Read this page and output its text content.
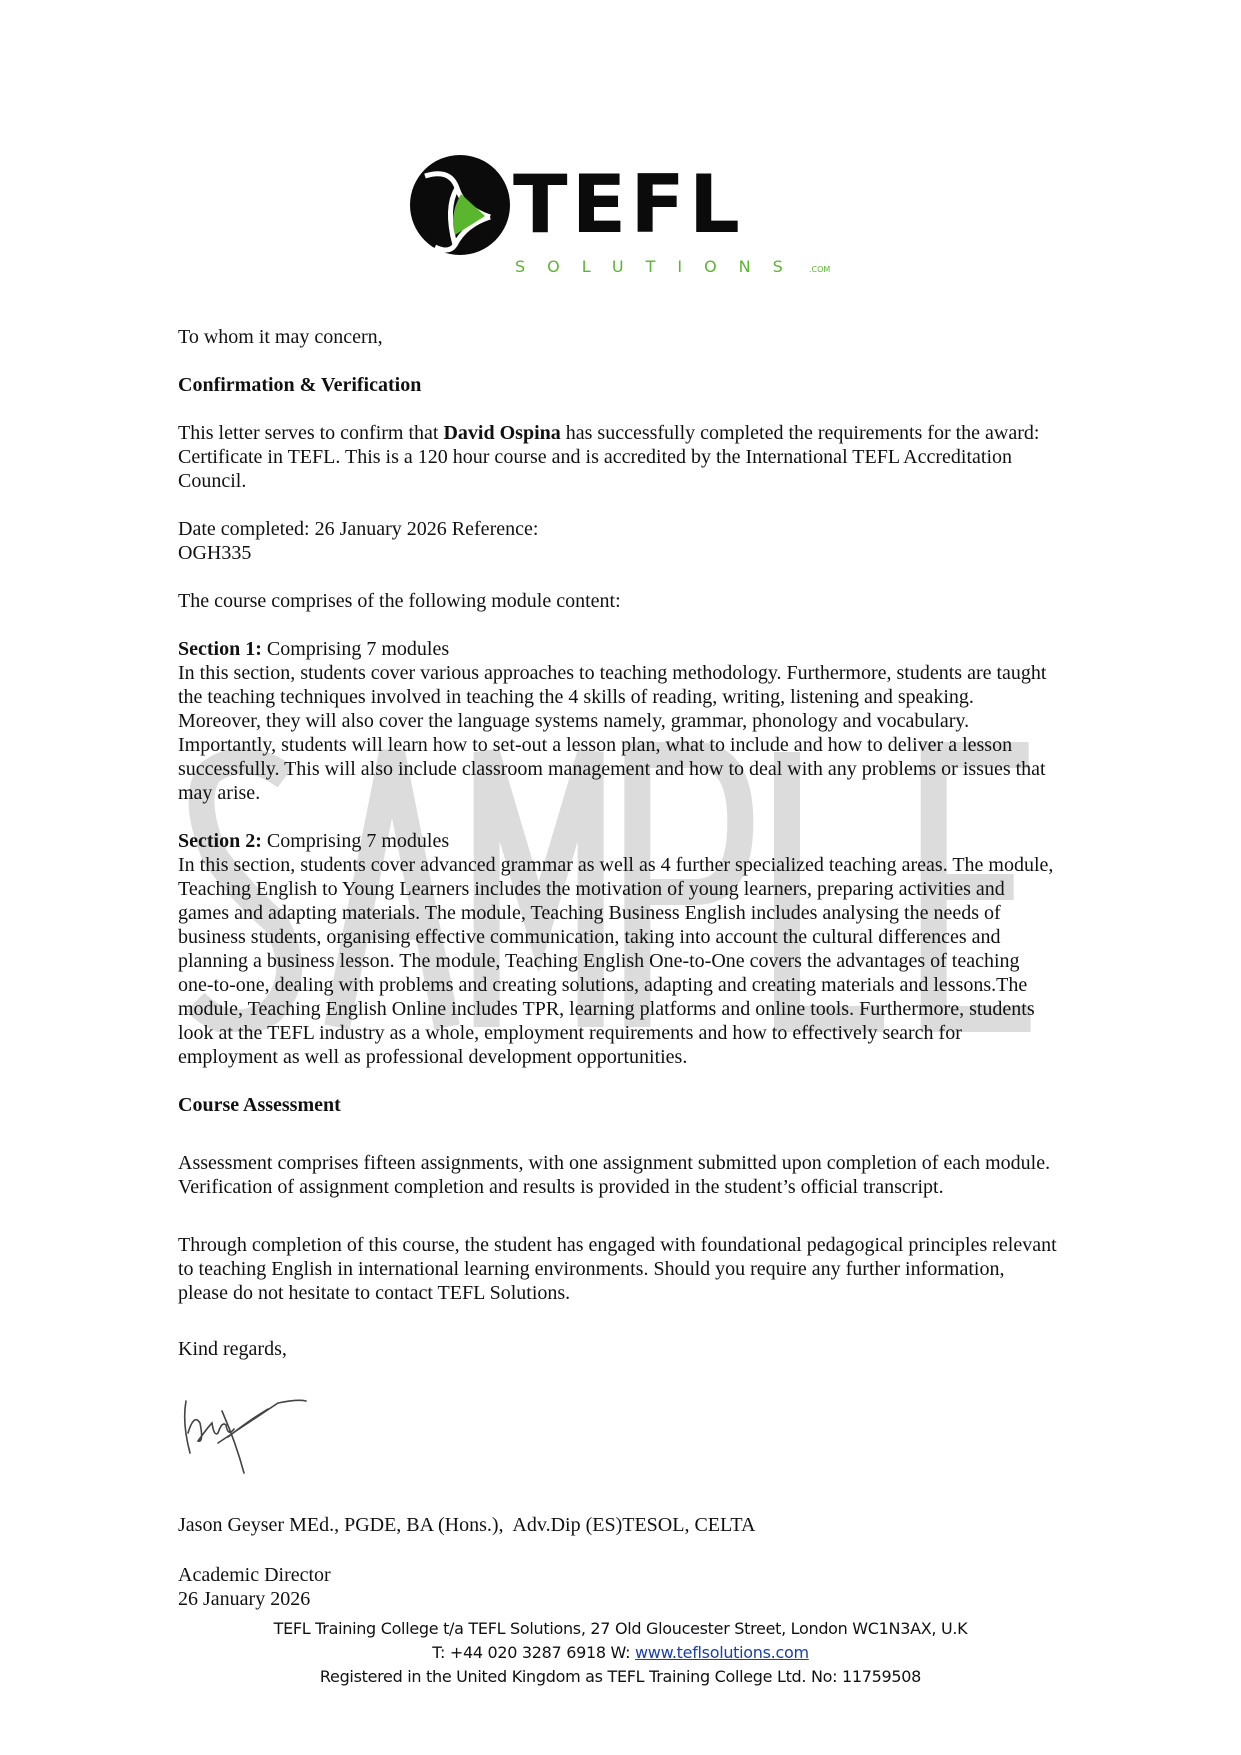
TEFL
SOLUTIONS .COM

To whom it may concern,

Confirmation & Verification

This letter serves to confirm that David Ospina has successfully completed the requirements for the award: Certificate in TEFL. This is a 120 hour course and is accredited by the International TEFL Accreditation Council.

Date completed: 26 January 2026 Reference:

OGH335

The course comprises of the following module content:

Section 1: Comprising 7 modules

In this section, students cover various approaches to teaching methodology. Furthermore, students are taught the teaching techniques involved in teaching the 4 skills of reading, writing, listening and speaking. Moreover, they will also cover the language systems namely, grammar, phonology and vocabulary. Importantly, students will learn how to set-out a lesson plan, what to include and how to deliver a lesson successfully. This will also include classroom management and how to deal with any problems or issues that may arise.

Section 2: Comprising 7 modules

In this section, students cover advanced grammar as well as 4 further specialized teaching areas. The module, Teaching English to Young Learners includes the motivation of young learners, preparing activities and games and adapting materials. The module, Teaching Business English includes analysing the needs of business students, organising effective communication, taking into account the cultural differences and planning a business lesson. The module, Teaching English One-to-One covers the advantages of teaching one-to-one, dealing with problems and creating solutions, adapting and creating materials and lessons.The module, Teaching English Online includes TPR, learning platforms and online tools. Furthermore, students look at the TEFL industry as a whole, employment requirements and how to effectively search for employment as well as professional development opportunities.

Course Assessment

Assessment comprises fifteen assignments, with one assignment submitted upon completion of each module. Verification of assignment completion and results is provided in the student’s official transcript.

Through completion of this course, the student has engaged with foundational pedagogical principles relevant to teaching English in international learning environments. Should you require any further information, please do not hesitate to contact TEFL Solutions.

Kind regards,

Jason Geyser MEd., PGDE, BA (Hons.),  Adv.Dip (ES)TESOL, CELTA

Academic Director

26 January 2026

TEFL Training College t/a TEFL Solutions, 27 Old Gloucester Street, London WC1N3AX, U.K
T: +44 020 3287 6918 W: www.teflsolutions.com
Registered in the United Kingdom as TEFL Training College Ltd. No: 11759508
